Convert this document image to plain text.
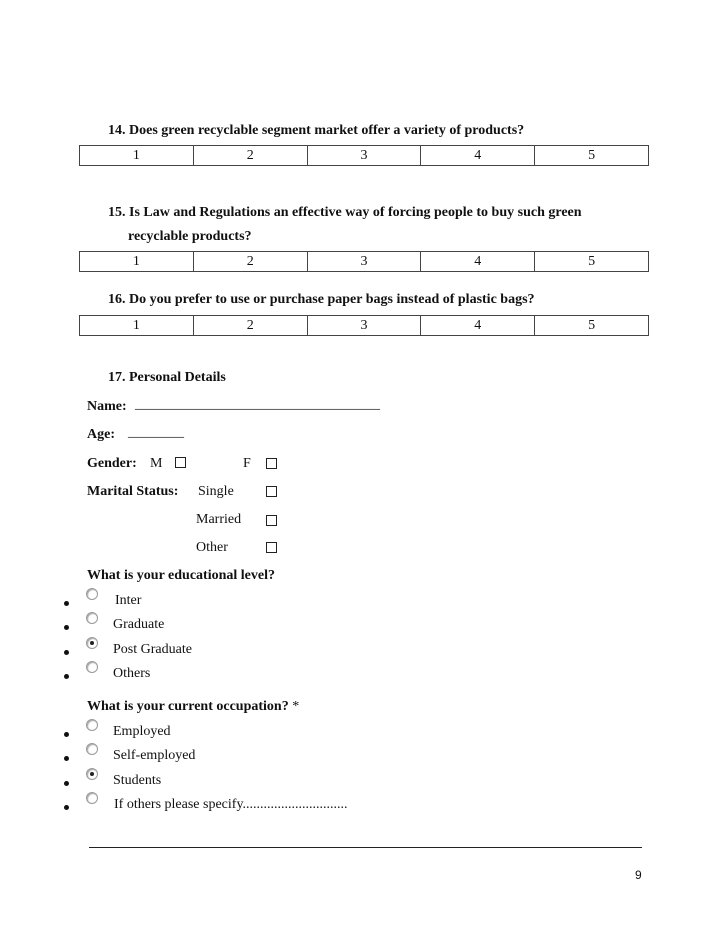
14. Does green recyclable segment market offer a variety of products?
1	2	3	4	5
15. Is Law and Regulations an effective way of forcing people to buy such green
recyclable products?
1	2	3	4	5
16. Do you prefer to use or purchase paper bags instead of plastic bags?
1	2	3	4	5
17. Personal Details
Name: ___________________________________
Age: ________
Gender: M	F
Marital Status: Single
Married
Other
What is your educational level?
Inter
Graduate
Post Graduate
Others
What is your current occupation? *
Employed
Self-employed
Students
If others please specify..............................
9
